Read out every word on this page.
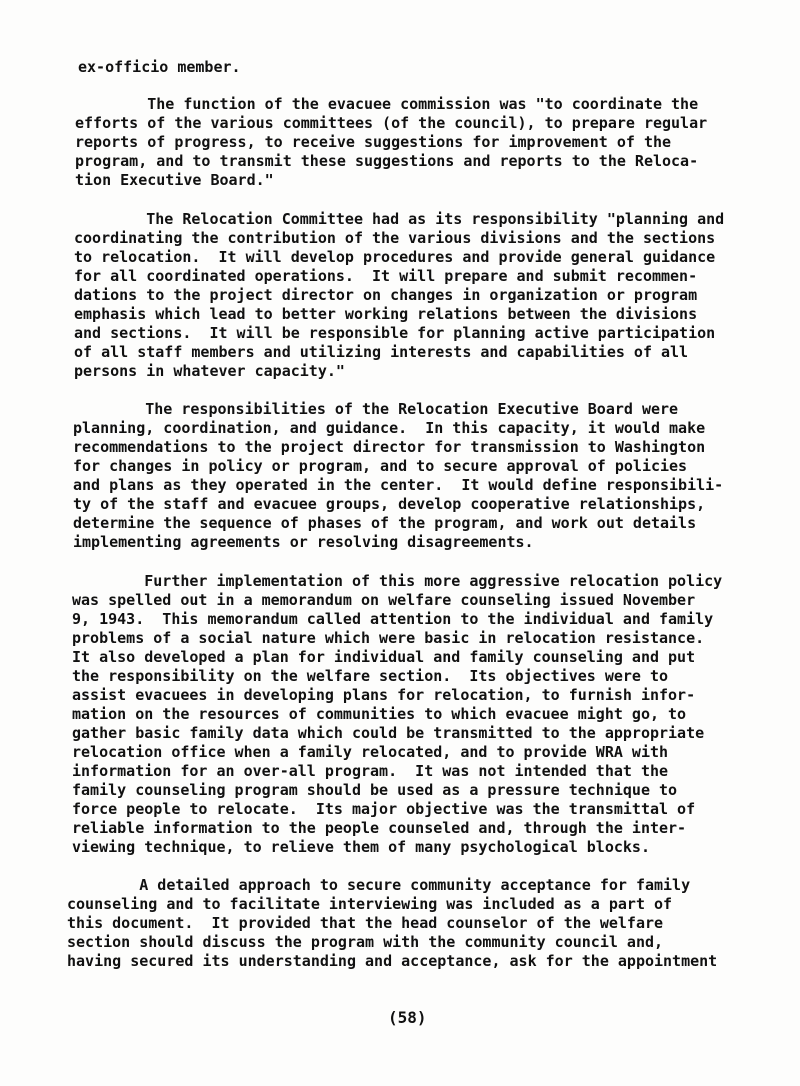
ex-officio member.

The function of the evacuee commission was "to coordinate the

efforts of the various committees (of the council), to prepare regular

reports of progress, to receive suggestions for improvement of the

program, and to transmit these suggestions and reports to the Reloca-

tion Executive Board."

The Relocation Committee had as its responsibility "planning and

coordinating the contribution of the various divisions and the sections

to relocation.  It will develop procedures and provide general guidance

for all coordinated operations.  It will prepare and submit recommen-

dations to the project director on changes in organization or program

emphasis which lead to better working relations between the divisions

and sections.  It will be responsible for planning active participation

of all staff members and utilizing interests and capabilities of all

persons in whatever capacity."

The responsibilities of the Relocation Executive Board were

planning, coordination, and guidance.  In this capacity, it would make

recommendations to the project director for transmission to Washington

for changes in policy or program, and to secure approval of policies

and plans as they operated in the center.  It would define responsibili-

ty of the staff and evacuee groups, develop cooperative relationships,

determine the sequence of phases of the program, and work out details

implementing agreements or resolving disagreements.

Further implementation of this more aggressive relocation policy

was spelled out in a memorandum on welfare counseling issued November

9, 1943.  This memorandum called attention to the individual and family

problems of a social nature which were basic in relocation resistance.

It also developed a plan for individual and family counseling and put

the responsibility on the welfare section.  Its objectives were to

assist evacuees in developing plans for relocation, to furnish infor-

mation on the resources of communities to which evacuee might go, to

gather basic family data which could be transmitted to the appropriate

relocation office when a family relocated, and to provide WRA with

information for an over-all program.  It was not intended that the

family counseling program should be used as a pressure technique to

force people to relocate.  Its major objective was the transmittal of

reliable information to the people counseled and, through the inter-

viewing technique, to relieve them of many psychological blocks.

A detailed approach to secure community acceptance for family

counseling and to facilitate interviewing was included as a part of

this document.  It provided that the head counselor of the welfare

section should discuss the program with the community council and,

having secured its understanding and acceptance, ask for the appointment

(58)
